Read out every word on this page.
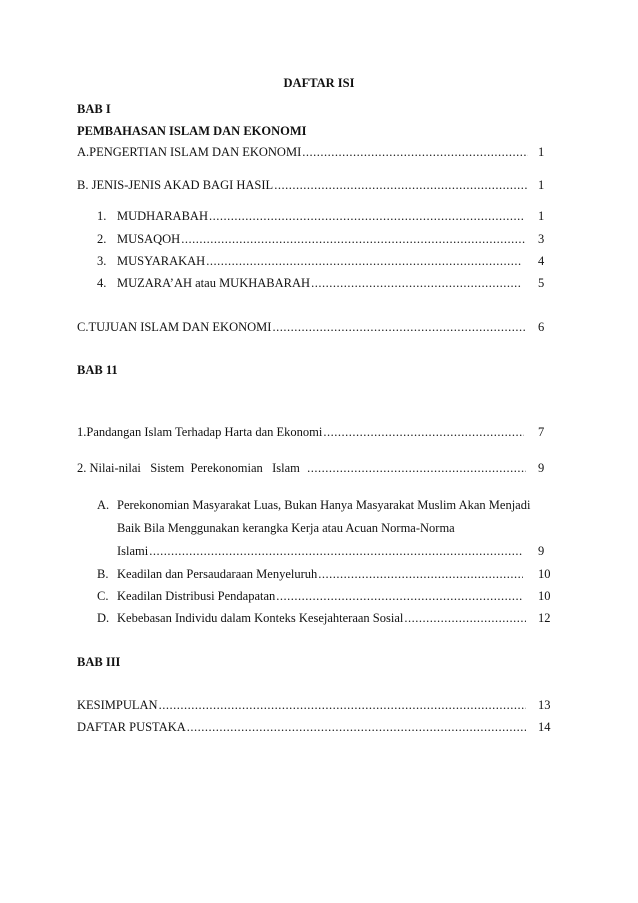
DAFTAR ISI
BAB I
PEMBAHASAN ISLAM DAN EKONOMI
A.PENGERTIAN ISLAM DAN EKONOMI .....	1
B. JENIS-JENIS AKAD BAGI HASIL .....	1
1. MUDHARABAH .....	1
2. MUSAQOH .....	3
3. MUSYARAKAH .....	4
4. MUZARA’AH atau MUKHABARAH .....	5
C.TUJUAN ISLAM DAN EKONOMI .....	6
BAB 11
1.Pandangan Islam Terhadap Harta dan Ekonomi .....	7
2. Nilai-nilai   Sistem  Perekonomian   Islam .....	9
A. Perekonomian Masyarakat Luas, Bukan Hanya Masyarakat Muslim Akan Menjadi
Baik Bila Menggunakan kerangka Kerja atau Acuan Norma-Norma
Islami .....	9
B. Keadilan dan Persaudaraan Menyeluruh .....	10
C. Keadilan Distribusi Pendapatan .....	10
D. Kebebasan Individu dalam Konteks Kesejahteraan Sosial .....	12
BAB III
KESIMPULAN .....	13
DAFTAR PUSTAKA .....	14
